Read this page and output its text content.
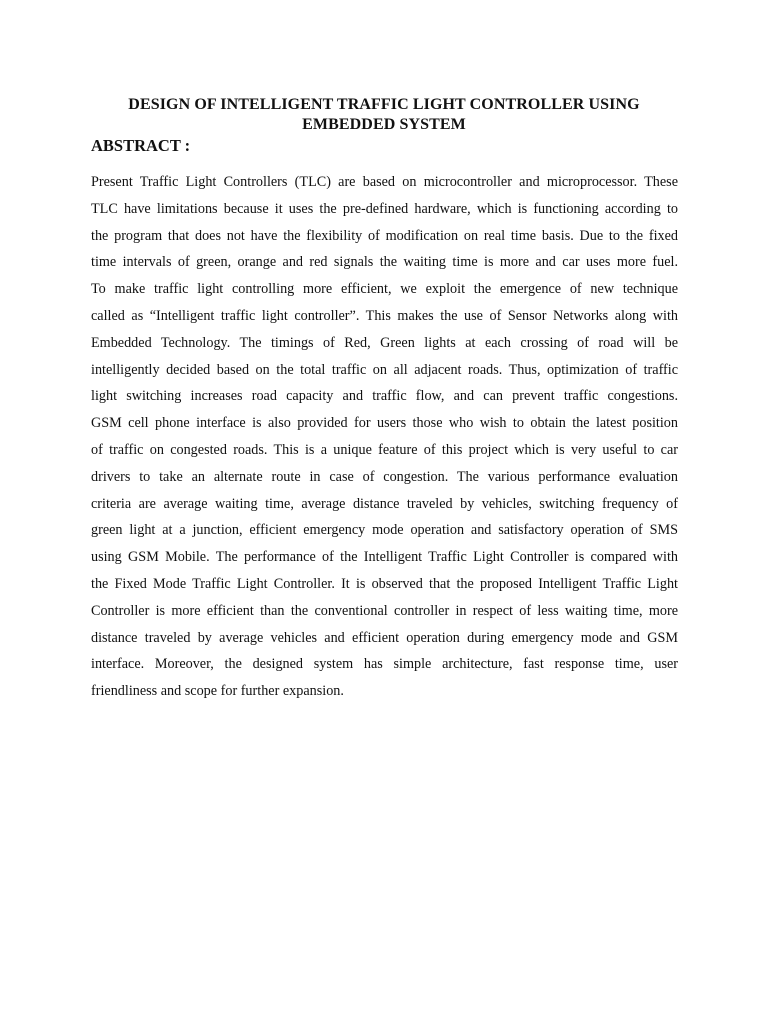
DESIGN OF INTELLIGENT TRAFFIC LIGHT CONTROLLER USING
EMBEDDED SYSTEM
ABSTRACT :
Present Traffic Light Controllers (TLC) are based on microcontroller and microprocessor. These
TLC have limitations because it uses the pre-defined hardware, which is functioning according to
the program that does not have the flexibility of modification on real time basis. Due to the fixed
time intervals of green, orange and red signals the waiting time is more and car uses more fuel.
To make traffic light controlling more efficient, we exploit the emergence of new technique
called as “Intelligent traffic light controller”. This makes the use of Sensor Networks along with
Embedded Technology. The timings of Red, Green lights at each crossing of road will be
intelligently decided based on the total traffic on all adjacent roads. Thus, optimization of traffic
light switching increases road capacity and traffic flow, and can prevent traffic congestions.
GSM cell phone interface is also provided for users those who wish to obtain the latest position
of traffic on congested roads. This is a unique feature of this project which is very useful to car
drivers to take an alternate route in case of congestion. The various performance evaluation
criteria are average waiting time, average distance traveled by vehicles, switching frequency of
green light at a junction, efficient emergency mode operation and satisfactory operation of SMS
using GSM Mobile. The performance of the Intelligent Traffic Light Controller is compared with
the Fixed Mode Traffic Light Controller. It is observed that the proposed Intelligent Traffic Light
Controller is more efficient than the conventional controller in respect of less waiting time, more
distance traveled by average vehicles and efficient operation during emergency mode and GSM
interface. Moreover, the designed system has simple architecture, fast response time, user
friendliness and scope for further expansion.
